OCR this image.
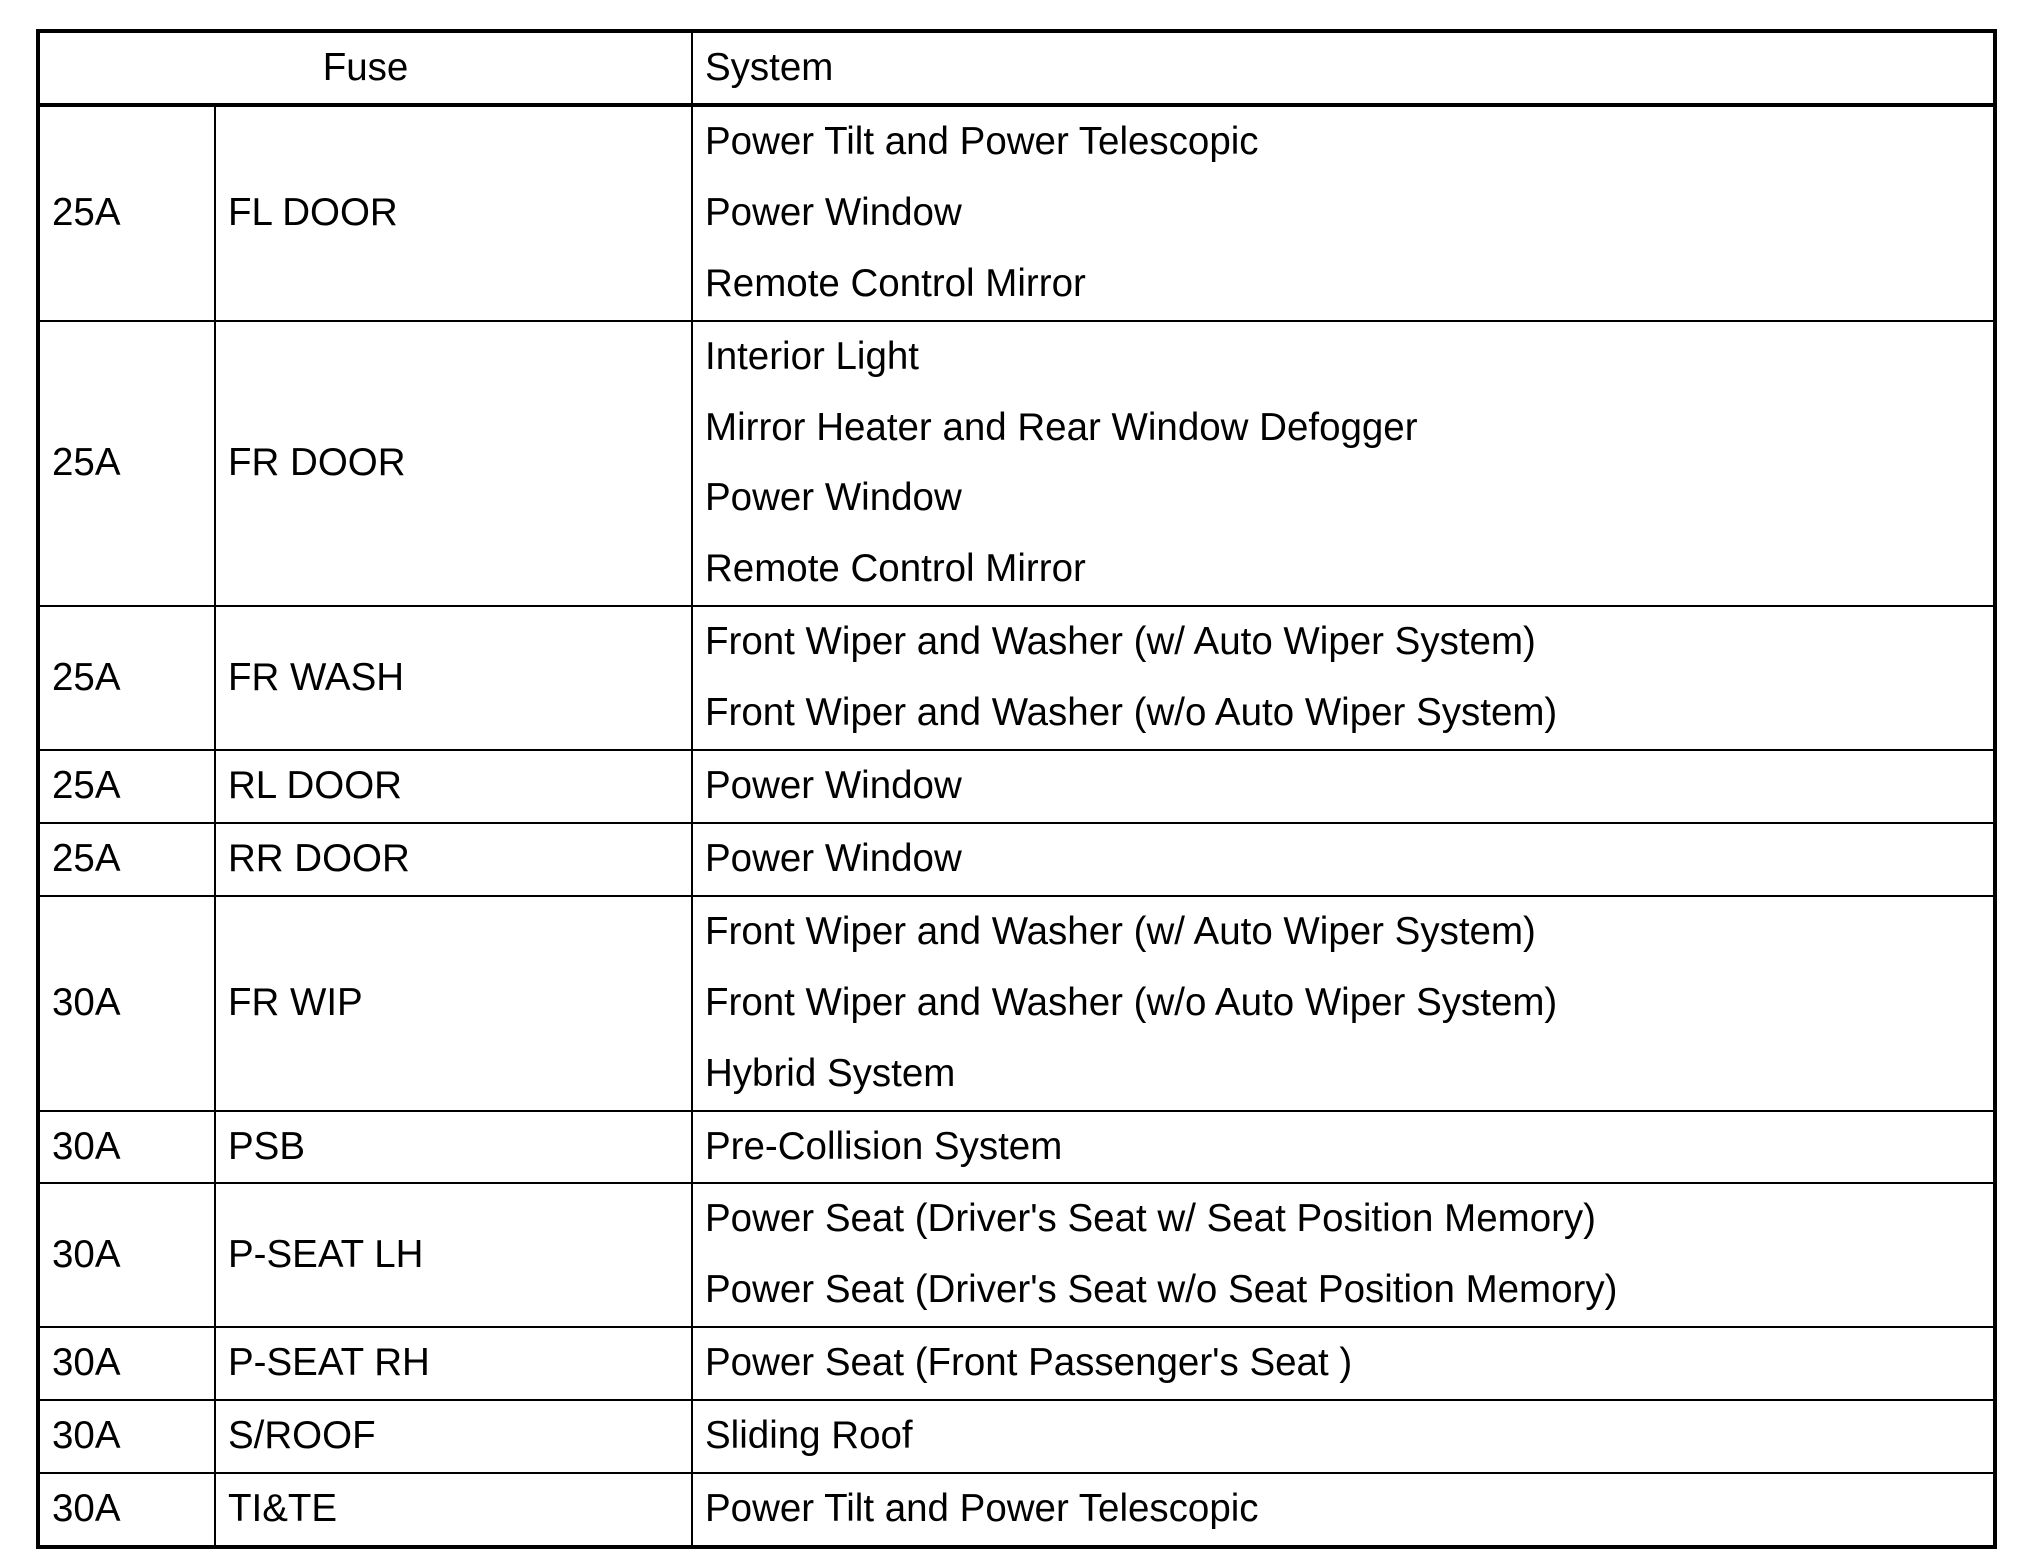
Fuse		System
25A	FL DOOR	Power Tilt and Power Telescopic
Power Window
Remote Control Mirror

25A	FR DOOR	Interior Light
Mirror Heater and Rear Window Defogger
Power Window
Remote Control Mirror

25A	FR WASH	Front Wiper and Washer (w/ Auto Wiper System)
Front Wiper and Washer (w/o Auto Wiper System)

25A	RL DOOR	Power Window

25A	RR DOOR	Power Window

30A	FR WIP	Front Wiper and Washer (w/ Auto Wiper System)
Front Wiper and Washer (w/o Auto Wiper System)
Hybrid System

30A	PSB	Pre-Collision System

30A	P-SEAT LH	Power Seat (Driver's Seat w/ Seat Position Memory)
Power Seat (Driver's Seat w/o Seat Position Memory)

30A	P-SEAT RH	Power Seat (Front Passenger's Seat )

30A	S/ROOF	Sliding Roof

30A	TI&TE	Power Tilt and Power Telescopic
